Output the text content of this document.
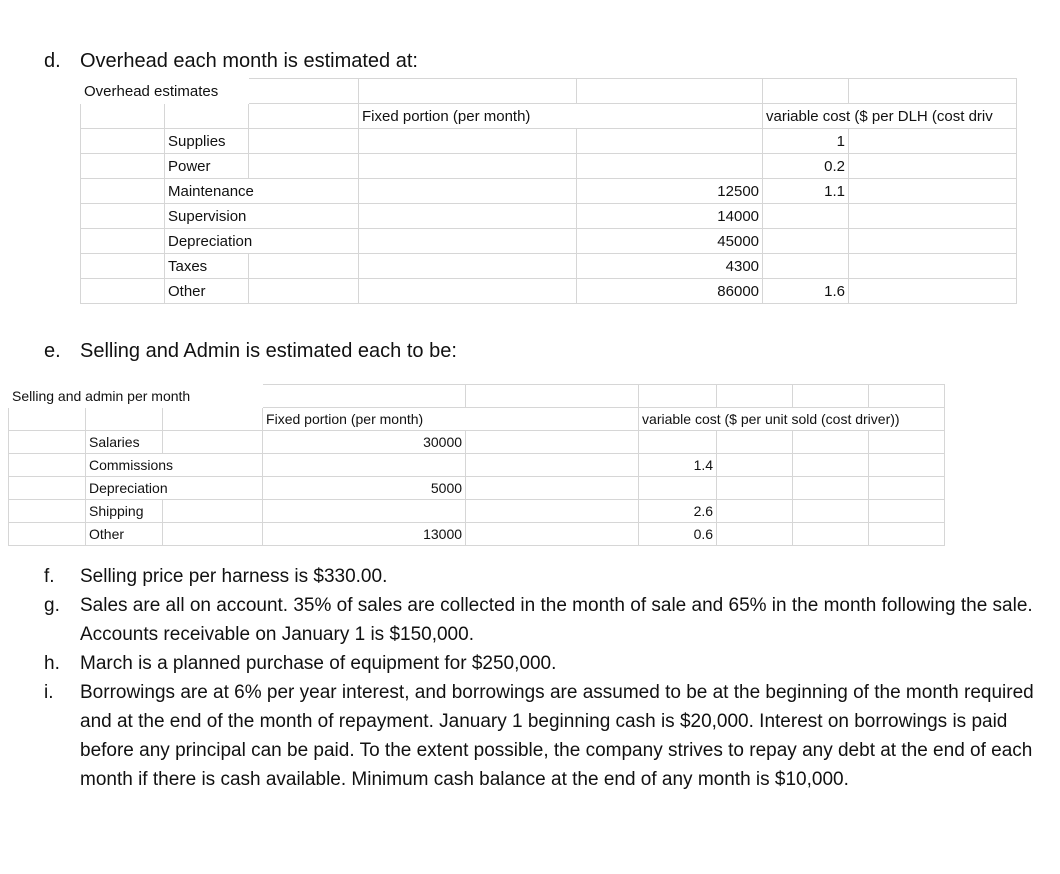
d. Overhead each month is estimated at:
Overhead estimates						
			Fixed portion (per month)		variable cost ($ per DLH (cost driv	
	Supplies				1	
	Power				0.2	
	Maintenance			12500	1.1	
	Supervision			14000		
	Depreciation			45000		
	Taxes			4300		
	Other			86000	1.6	
e. Selling and Admin is estimated each to be:
Selling and admin per month								
			Fixed portion (per month)		variable cost ($ per unit sold (cost driver))			
	Salaries		30000					
	Commissions				1.4			
	Depreciation		5000					
	Shipping				2.6			
	Other		13000		0.6			
f. Selling price per harness is $330.00.
g. Sales are all on account. 35% of sales are collected in the month of sale and 65% in the month following the sale. Accounts receivable on January 1 is $150,000.
h. March is a planned purchase of equipment for $250,000.
i. Borrowings are at 6% per year interest, and borrowings are assumed to be at the beginning of the month required and at the end of the month of repayment. January 1 beginning cash is $20,000. Interest on borrowings is paid before any principal can be paid. To the extent possible, the company strives to repay any debt at the end of each month if there is cash available. Minimum cash balance at the end of any month is $10,000.
